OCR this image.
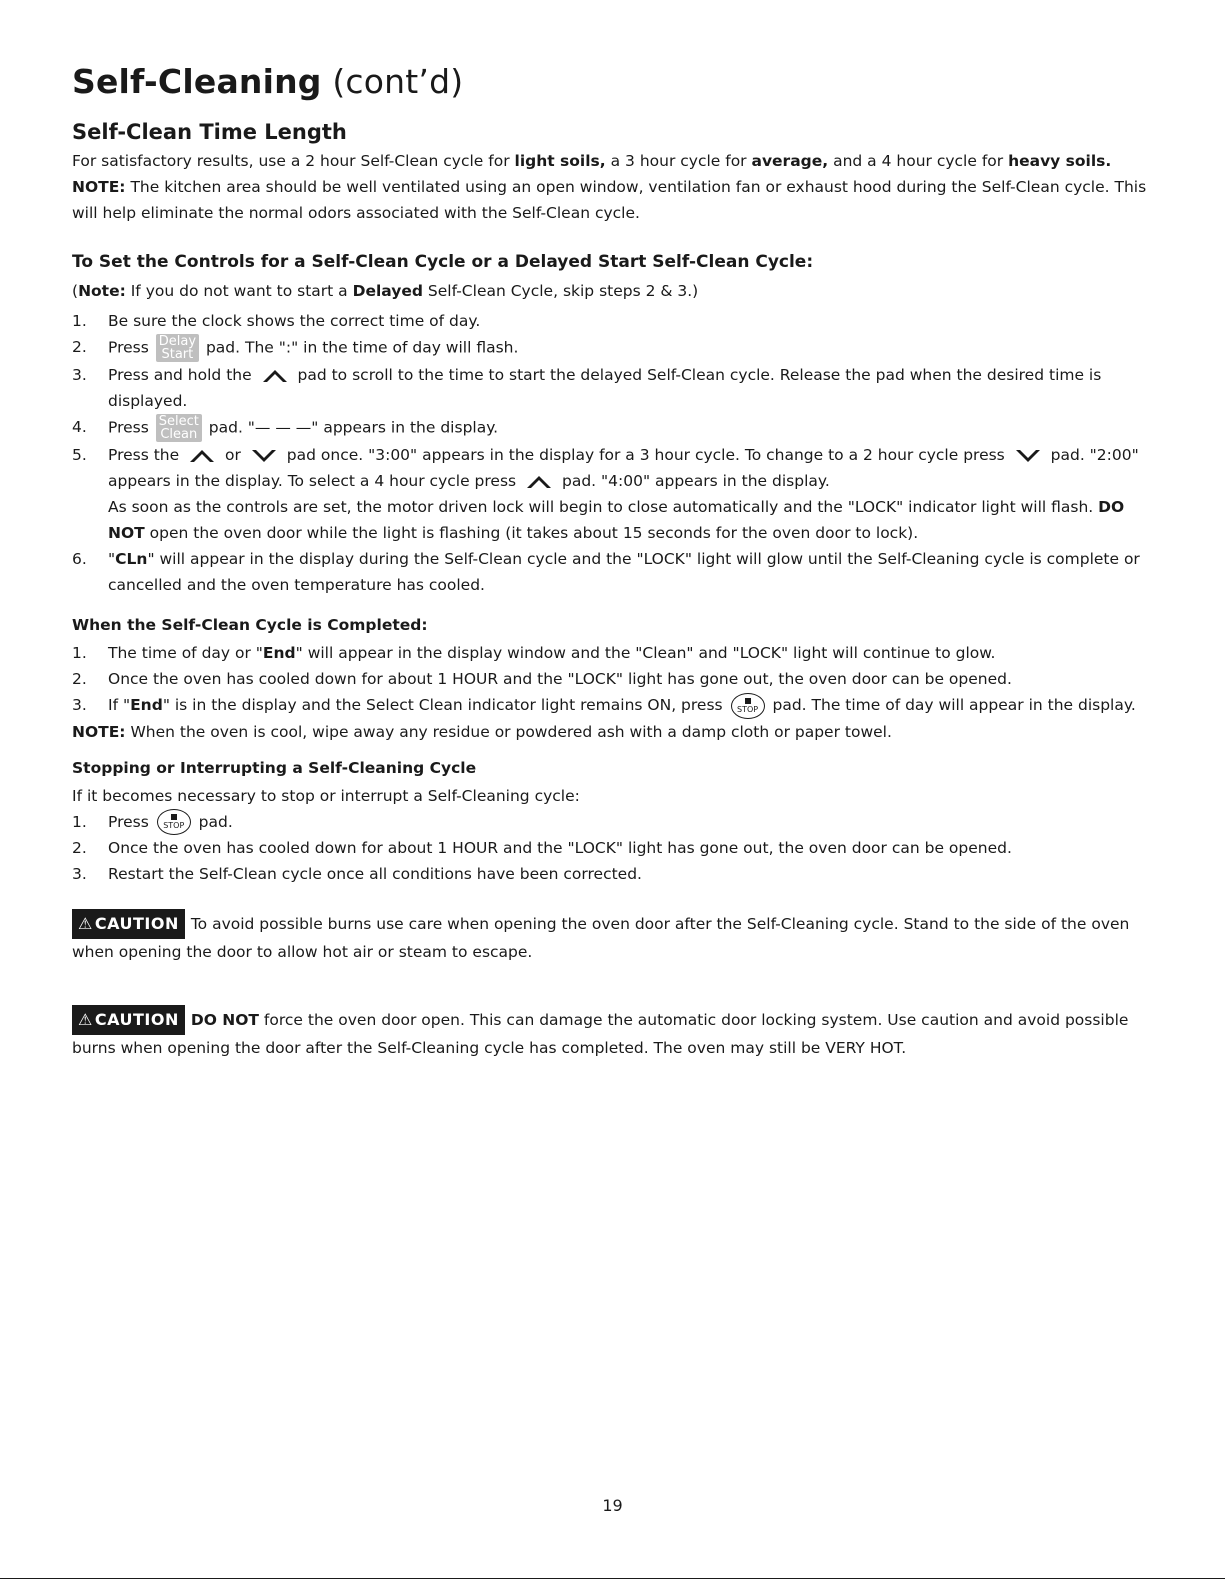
Self-Cleaning (cont’d)
Self-Clean Time Length

For satisfactory results, use a 2 hour Self-Clean cycle for light soils, a 3 hour cycle for average, and a 4 hour cycle for heavy soils. NOTE: The kitchen area should be well ventilated using an open window, ventilation fan or exhaust hood during the Self-Clean cycle. This will help eliminate the normal odors associated with the Self-Clean cycle.

To Set the Controls for a Self-Clean Cycle or a Delayed Start Self-Clean Cycle:

(Note: If you do not want to start a Delayed Self-Clean Cycle, skip steps 2 & 3.)

1. Be sure the clock shows the correct time of day.
2. Press Delay
Start pad. The ":" in the time of day will flash.
3. Press and hold the	pad to scroll to the time to start the delayed Self-Clean cycle. Release the pad when the desired time is displayed.
4. Press Select
Clean pad. "— — —" appears in the display.
5. Press the	or	pad once. "3:00" appears in the display for a 3 hour cycle. To change to a 2 hour cycle press	pad. "2:00" appears in the display. To select a 4 hour cycle press	pad. "4:00" appears in the display.
As soon as the controls are set, the motor driven lock will begin to close automatically and the "LOCK" indicator light will flash. DO NOT open the oven door while the light is flashing (it takes about 15 seconds for the oven door to lock).
6. "CLn" will appear in the display during the Self-Clean cycle and the "LOCK" light will glow until the Self-Cleaning cycle is complete or cancelled and the oven temperature has cooled.
When the Self-Clean Cycle is Completed:
1. The time of day or "End" will appear in the display window and the "Clean" and "LOCK" light will continue to glow.
2. Once the oven has cooled down for about 1 HOUR and the "LOCK" light has gone out, the oven door can be opened.
3. If "End" is in the display and the Select Clean indicator light remains ON, press STOP pad. The time of day will appear in the display.

NOTE: When the oven is cool, wipe away any residue or powdered ash with a damp cloth or paper towel.

Stopping or Interrupting a Self-Cleaning Cycle

If it becomes necessary to stop or interrupt a Self-Cleaning cycle:

1. Press STOP pad.
2. Once the oven has cooled down for about 1 HOUR and the "LOCK" light has gone out, the oven door can be opened.
3. Restart the Self-Clean cycle once all conditions have been corrected.

⚠ CAUTION To avoid possible burns use care when opening the oven door after the Self-Cleaning cycle. Stand to the side of the oven when opening the door to allow hot air or steam to escape.

⚠ CAUTION DO NOT force the oven door open. This can damage the automatic door locking system. Use caution and avoid possible burns when opening the door after the Self-Cleaning cycle has completed. The oven may still be VERY HOT.

19
